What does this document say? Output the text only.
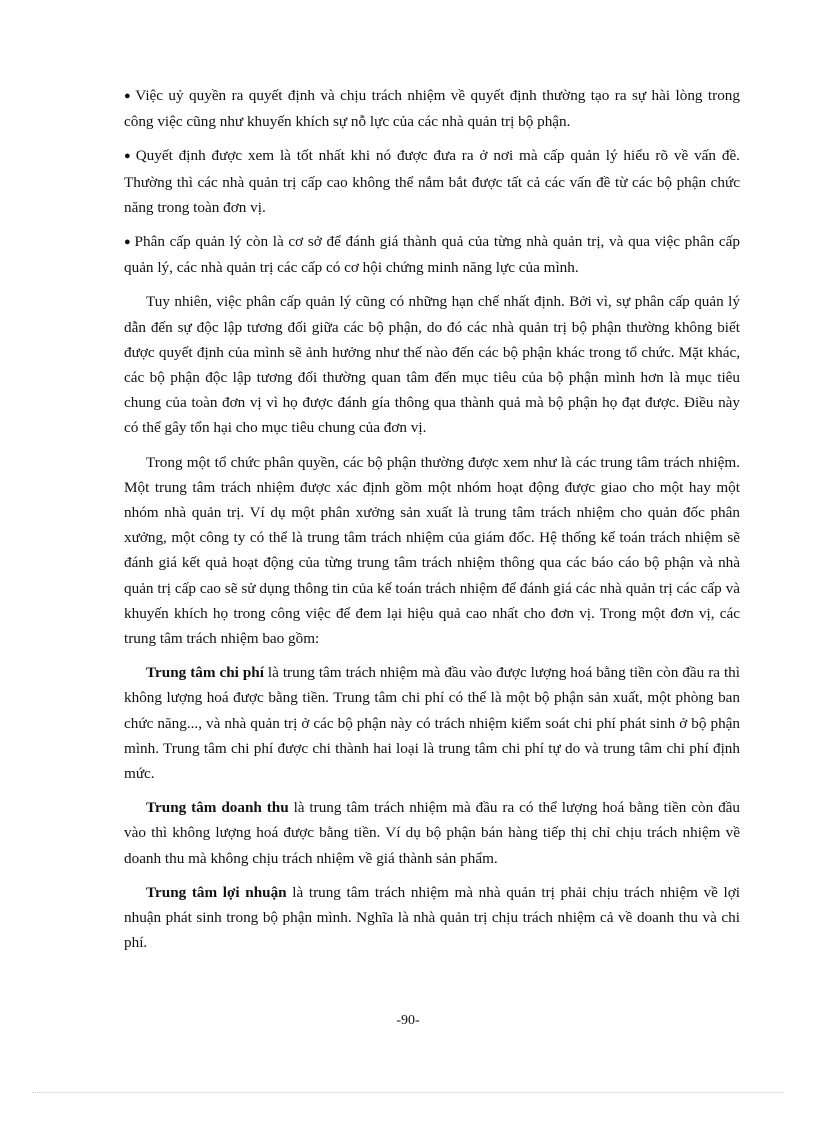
● Việc uỷ quyền ra quyết định và chịu trách nhiệm về quyết định thường tạo ra sự hài lòng trong công việc cũng như khuyến khích sự nỗ lực của các nhà quản trị bộ phận.

● Quyết định được xem là tốt nhất khi nó được đưa ra ở nơi mà cấp quản lý hiểu rõ về vấn đề. Thường thì các nhà quản trị cấp cao không thể nắm bắt được tất cả các vấn đề từ các bộ phận chức năng trong toàn đơn vị.

● Phân cấp quản lý còn là cơ sở để đánh giá thành quả của từng nhà quản trị, và qua việc phân cấp quản lý, các nhà quản trị các cấp có cơ hội chứng minh năng lực của mình.

Tuy nhiên, việc phân cấp quản lý cũng có những hạn chế nhất định. Bởi vì, sự phân cấp quản lý dẫn đến sự độc lập tương đối giữa các bộ phận, do đó các nhà quản trị bộ phận thường không biết được quyết định của mình sẽ ảnh hưởng như thế nào đến các bộ phận khác trong tổ chức. Mặt khác, các bộ phận độc lập tương đối thường quan tâm đến mục tiêu của bộ phận mình hơn là mục tiêu chung của toàn đơn vị vì họ được đánh gía thông qua thành quả mà bộ phận họ đạt được. Điều này có thể gây tổn hại cho mục tiêu chung của đơn vị.

Trong một tổ chức phân quyền, các bộ phận thường được xem như là các trung tâm trách nhiệm. Một trung tâm trách nhiệm được xác định gồm một nhóm hoạt động được giao cho một hay một nhóm nhà quản trị. Ví dụ một phân xưởng sản xuất là trung tâm trách nhiệm cho quản đốc phân xưởng, một công ty có thể là trung tâm trách nhiệm của giám đốc. Hệ thống kế toán trách nhiệm sẽ đánh giá kết quả hoạt động của từng trung tâm trách nhiệm thông qua các báo cáo bộ phận và nhà quản trị cấp cao sẽ sử dụng thông tin của kế toán trách nhiệm để đánh giá các nhà quản trị các cấp và khuyến khích họ trong công việc để đem lại hiệu quả cao nhất cho đơn vị. Trong một đơn vị, các trung tâm trách nhiệm bao gồm:

Trung tâm chi phí là trung tâm trách nhiệm mà đầu vào được lượng hoá bằng tiền còn đầu ra thì không lượng hoá được bằng tiền. Trung tâm chi phí có thể là một bộ phận sản xuất, một phòng ban chức năng..., và nhà quản trị ở các bộ phận này có trách nhiệm kiểm soát chi phí phát sinh ở bộ phận mình. Trung tâm chi phí được chi thành hai loại là trung tâm chi phí tự do và trung tâm chi phí định mức.

Trung tâm doanh thu là trung tâm trách nhiệm mà đầu ra có thể lượng hoá bằng tiền còn đầu vào thì không lượng hoá được bằng tiền. Ví dụ bộ phận bán hàng tiếp thị chỉ chịu trách nhiệm về doanh thu mà không chịu trách nhiệm về giá thành sản phẩm.

Trung tâm lợi nhuận là trung tâm trách nhiệm mà nhà quản trị phải chịu trách nhiệm về lợi nhuận phát sinh trong bộ phận mình. Nghĩa là nhà quản trị chịu trách nhiệm cả về doanh thu và chi phí.

-90-
